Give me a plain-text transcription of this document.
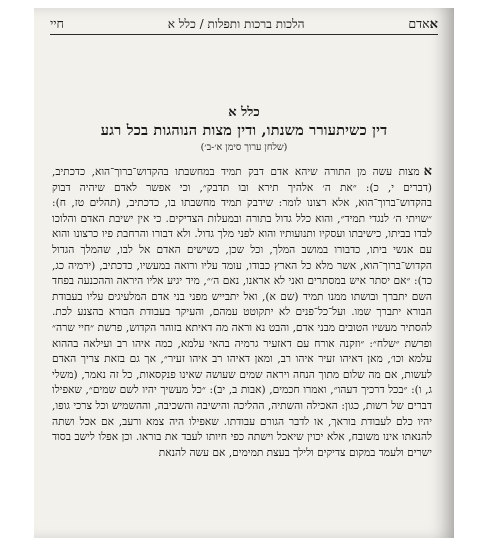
א
אדם
הלכות ברכות ותפלות / כלל א
חיי
כלל א
דין כשיתעורר משנתו, ודין מצות הנוהגות בכל רגע
(שלחן ערוך סימן א׳-ב׳)
אמצות עשה מן התורה שיהא אדם דבק תמיד במחשבתו בהקדוש־ברוך־הוא, כדכתיב, (דברים י, כ): ״את ה׳ אלהיך תירא ובו תדבק״, וכי אפשר לאדם שיהיה דבוק בהקדוש־ברוך־הוא, אלא רצונו לומר: שידבק תמיד מחשבתו בו, כדכתיב, (תהלים טז, ח): ״שויתי ה׳ לנגדי תמיד״, והוא כלל גדול בתורה ובמעלות הצדיקים. כי אין ישיבת האדם והלוכו לבדו בביתו, כישיבתו ועסקיו ותנועותיו והוא לפני מלך גדול. ולא דבורו והרחבת פיו כרצונו והוא עם אנשי ביתו, כדבורו במושב המלך, וכל שכן, כשישים האדם אל לבו, שהמלך הגדול הקדוש־ברוך־הוא, אשר מלא כל הארץ כבודו, עומד עליו ורואה במעשיו, כדכתיב, (ירמיה כג, כד): ״אם יסתר איש במסתרים ואני לא אראנו, נאם ה׳״, מיד יגיע אליו היראה וההכנעה בפחד השם יתברך ובושתו ממנו תמיד (שם א), ואל יתבייש מפני בני אדם המלעיגים עליו בעבודת הבורא יתברך שמו. ועל־כל־פנים לא יתקוטט עמהם, והעיקר בעבודת הבורא בהצנע לכת. להסתיר מעשיו הטובים מבני אדם, והבט נא וראה מה דאיתא בזוהר הקדוש, פרשת ״חיי שרה״ ופרשת ״שלח״: ״וזקנה אורח עם דאזעיר גרמיה בהאי עלמא, כמה איהו רב ועילאה בההוא עלמא וכו׳, מאן דאיהו זעיר איהו רב, ומאן דאיהו רב איהו זעיר״, אך גם בזאת צריך האדם לעשות, אם מה שלום מתוך הנחה ויראה שמים שעושה שאינו פנקסאות, כל זה נאמר, (משלי ג, ו): ״בכל דרכיך דעהו״, ואמרו חכמים, (אבות ב, יב): ״כל מעשיך יהיו לשם שמים״, שאפילו דברים של רשות, כגון: האכילה והשתיה, ההליכה והישיבה והשכיבה, וההשמיש וכל צרכי גופו, יהיו כלם לעבודת בוראך, או לדבר הגורם עבודתו. שאפילו היה צמא ורעב, אם אכל ושתה להנאתו אינו משובח, אלא יכוין שיאכל וישתה כפי חיותו לעבד את בוראו. וכן אפלו לישב בסוד ישרים ולעמד במקום צדיקים ולילך בעצת תמימים, אם עשה להנאת
